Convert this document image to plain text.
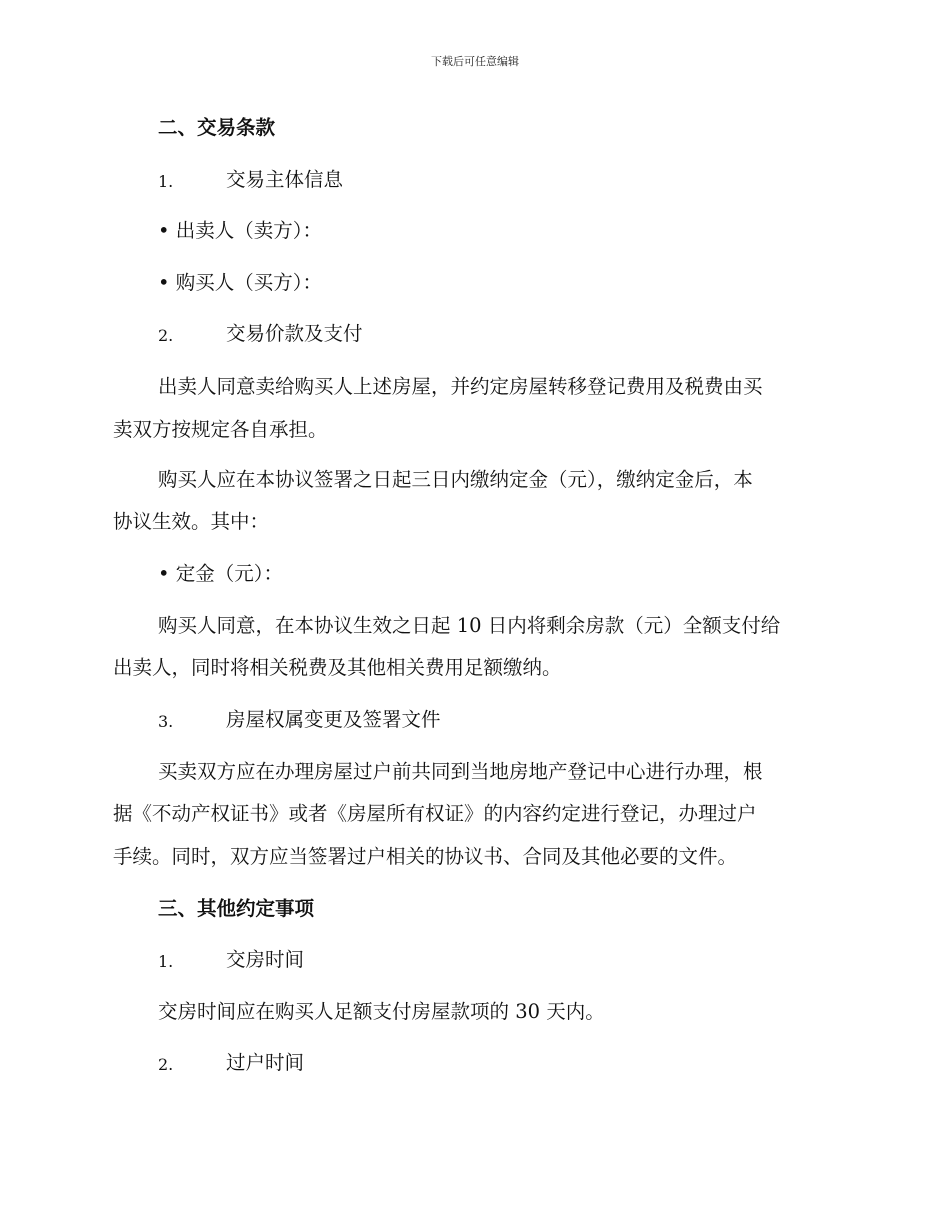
下载后可任意编辑
二、交易条款
1.	交易主体信息
• 出卖人（卖方）：
• 购买人（买方）：
2.	交易价款及支付
出卖人同意卖给购买人上述房屋，并约定房屋转移登记费用及税费由买
卖双方按规定各自承担。
购买人应在本协议签署之日起三日内缴纳定金（元），缴纳定金后，本
协议生效。其中：
• 定金（元）：
购买人同意，在本协议生效之日起 10 日内将剩余房款（元）全额支付给
出卖人，同时将相关税费及其他相关费用足额缴纳。
3.	房屋权属变更及签署文件
买卖双方应在办理房屋过户前共同到当地房地产登记中心进行办理，根
据《不动产权证书》或者《房屋所有权证》的内容约定进行登记，办理过户
手续。同时，双方应当签署过户相关的协议书、合同及其他必要的文件。
三、其他约定事项
1.	交房时间
交房时间应在购买人足额支付房屋款项的 30 天内。
2.	过户时间
